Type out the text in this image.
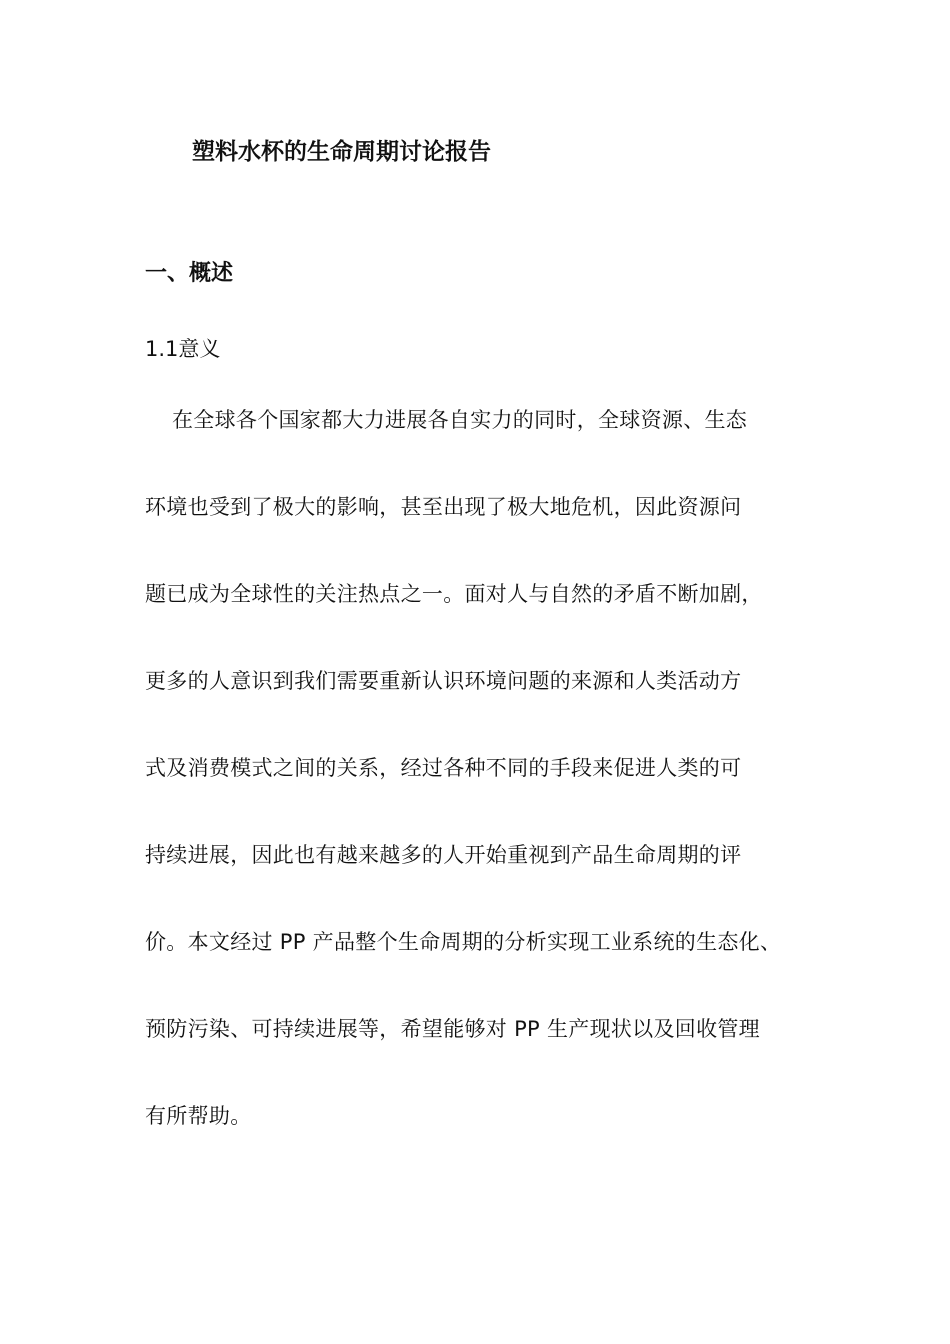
塑料水杯的生命周期讨论报告
一、概述
1.1意义
在全球各个国家都大力进展各自实力的同时，全球资源、生态
环境也受到了极大的影响，甚至出现了极大地危机，因此资源问
题已成为全球性的关注热点之一。面对人与自然的矛盾不断加剧，
更多的人意识到我们需要重新认识环境问题的来源和人类活动方
式及消费模式之间的关系，经过各种不同的手段来促进人类的可
持续进展，因此也有越来越多的人开始重视到产品生命周期的评
价。本文经过 PP 产品整个生命周期的分析实现工业系统的生态化、
预防污染、可持续进展等，希望能够对 PP 生产现状以及回收管理
有所帮助。
